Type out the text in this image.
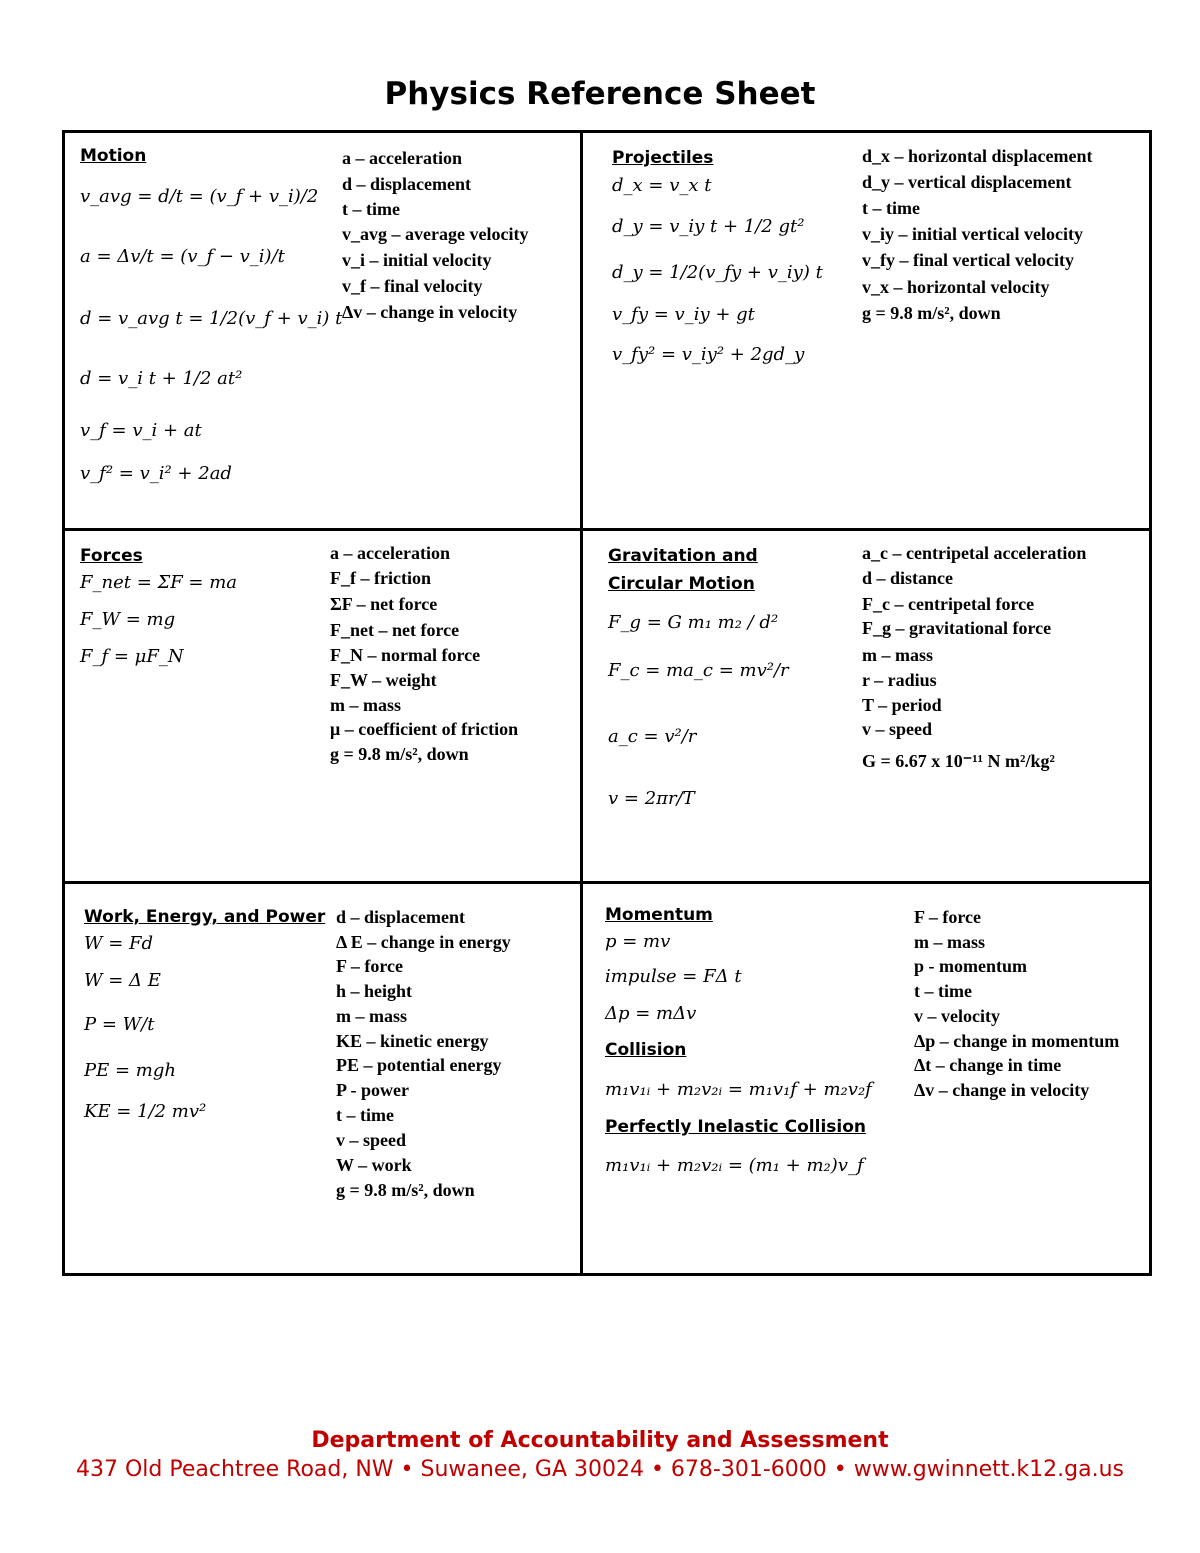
Physics Reference Sheet
Motion
v_avg = d/t = (v_f + v_i)/2
a = Δv/t = (v_f − v_i)/t
d = v_avg t = 1/2(v_f + v_i) t
d = v_i t + 1/2 at²
v_f = v_i + at
v_f² = v_i² + 2ad
a – acceleration
d – displacement
t – time
v_avg – average velocity
v_i – initial velocity
v_f – final velocity
Δv – change in velocity
Projectiles
d_x = v_x t
d_y = v_iy t + 1/2 gt²
d_y = 1/2(v_fy + v_iy) t
v_fy = v_iy + gt
v_fy² = v_iy² + 2gd_y
d_x – horizontal displacement
d_y – vertical displacement
t – time
v_iy – initial vertical velocity
v_fy – final vertical velocity
v_x – horizontal velocity
g = 9.8 m/s², down
Forces
F_net = ΣF = ma
F_W = mg
F_f = μF_N
a – acceleration
F_f – friction
ΣF – net force
F_net – net force
F_N – normal force
F_W – weight
m – mass
μ – coefficient of friction
g = 9.8 m/s², down
Gravitation and
Circular Motion
F_g = G m₁ m₂ / d²
F_c = ma_c = mv²/r
a_c = v²/r
v = 2πr/T
a_c – centripetal acceleration
d – distance
F_c – centripetal force
F_g – gravitational force
m – mass
r – radius
T – period
v – speed
G = 6.67 x 10⁻¹¹ N m²/kg²
Work, Energy, and Power
W = Fd
W = Δ E
P = W/t
PE = mgh
KE = 1/2 mv²
d – displacement
Δ E – change in energy
F – force
h – height
m – mass
KE – kinetic energy
PE – potential energy
P - power
t – time
v – speed
W – work
g = 9.8 m/s², down
Momentum
p = mv
impulse = FΔ t
Δp = mΔv
Collision
m₁v₁ᵢ + m₂v₂ᵢ = m₁v₁f + m₂v₂f
Perfectly Inelastic Collision
m₁v₁ᵢ + m₂v₂ᵢ = (m₁ + m₂)v_f
F – force
m – mass
p - momentum
t – time
v – velocity
Δp – change in momentum
Δt – change in time
Δv – change in velocity
Department of Accountability and Assessment
437 Old Peachtree Road, NW • Suwanee, GA 30024 • 678-301-6000 • www.gwinnett.k12.ga.us
